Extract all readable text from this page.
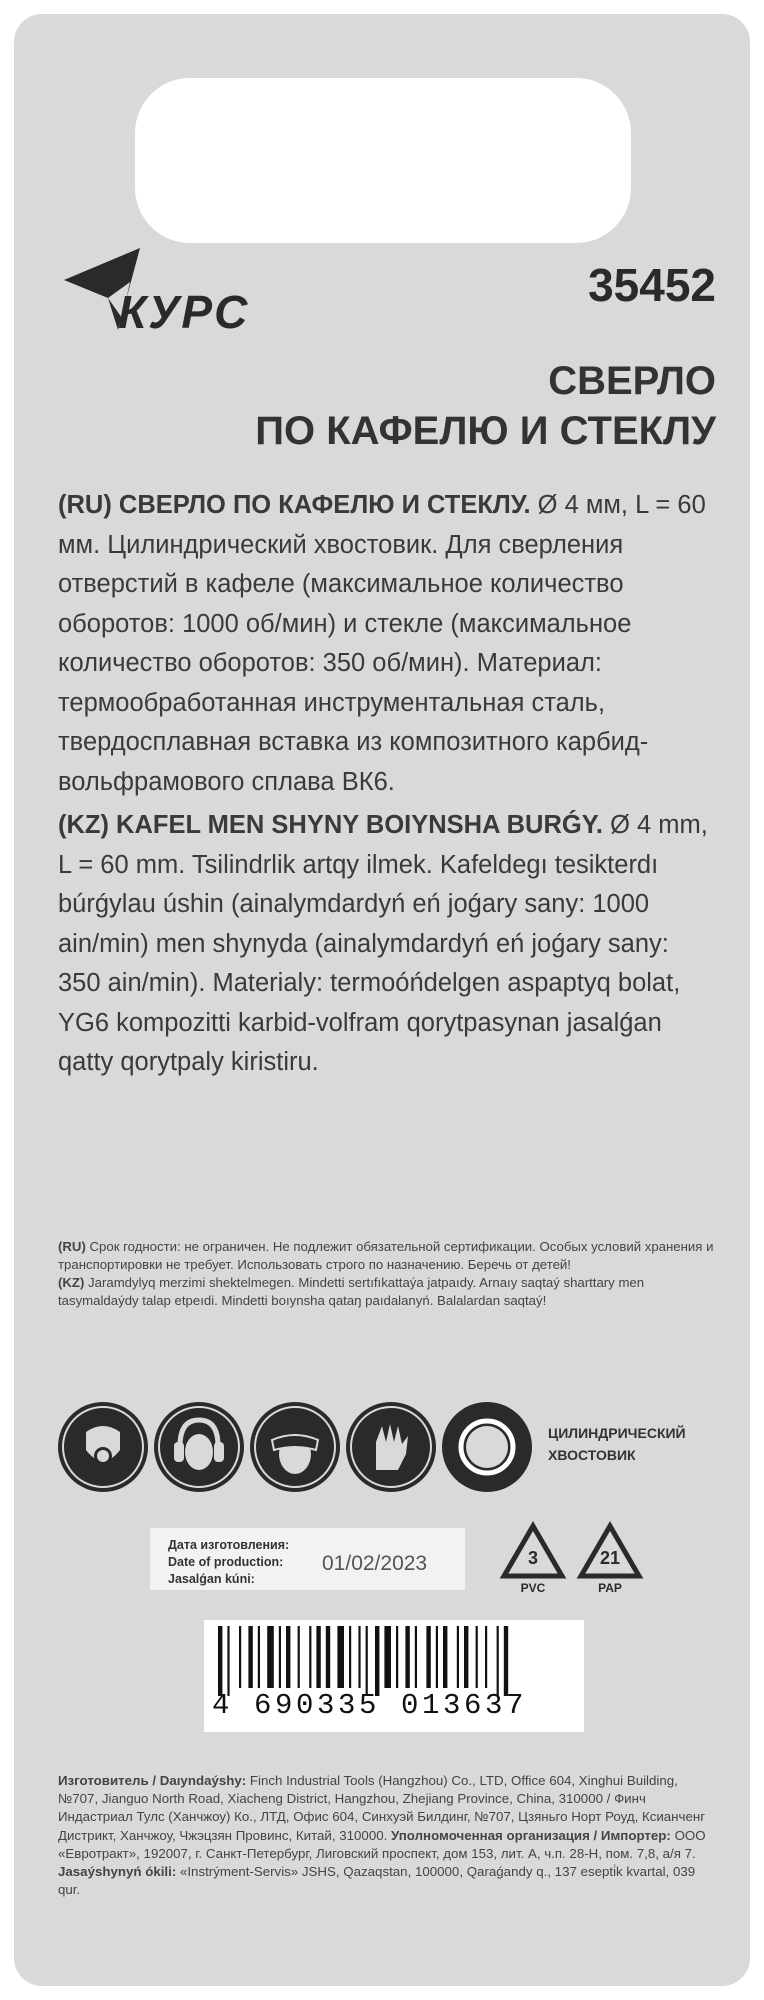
КУРС
35452
СВЕРЛО
ПО КАФЕЛЮ И СТЕКЛУ

(RU) СВЕРЛО ПО КАФЕЛЮ И СТЕКЛУ. Ø 4 мм, L = 60 мм. Цилиндрический хвостовик. Для сверления отверстий в кафеле (максимальное количество оборотов: 1000 об/мин) и стекле (максимальное количество оборотов: 350 об/мин). Материал: термообработанная инструментальная сталь, твердосплавная вставка из композитного карбид-вольфрамового сплава ВК6.

(KZ) KAFEL MEN SHYNY BOIYNSHA BURǴY. Ø 4 mm, L = 60 mm. Tsilindrlik artqy ilmek. Kafeldegı tesikterdı búrǵylau úshin (ainalymdardyń eń joǵary sany: 1000 ain/min) men shynyda (ainalymdardyń eń joǵary sany: 350 ain/min). Materialy: termoóńdelgen aspaptyq bolat, YG6 kompozitti karbid-volfram qorytpasynan jasalǵan qatty qorytpaly kiristiru.

(RU) Срок годности: не ограничен. Не подлежит обязательной сертификации. Особых условий хранения и транспортировки не требует. Использовать строго по назначению. Беречь от детей!

(KZ) Jaramdylyq merzimi shektelmegen. Mindetti sertıfıkattaýa jatpaıdy. Arnaıy saqtaý sharttary men tasymaldaýdy talap etpeıdi. Mindetti boıynsha qataŋ paıdalanyń. Balalardan saqtaý!

ЦИЛИНДРИЧЕСКИЙ
ХВОСТОВИК
Дата изготовления:
Date of production:
Jasalǵan kúni:
01/02/2023	3
PVC
21
PAP
4 690335 013637
Изготовитель / Daıyndaýshy: Finch Industrial Tools (Hangzhou) Co., LTD, Office 604, Xinghui Building, №707, Jianguo North Road, Xiacheng District, Hangzhou, Zhejiang Province, China, 310000 / Финч Индастриал Тулс (Ханчжоу) Ко., ЛТД, Офис 604, Синхуэй Билдинг, №707, Цзяньго Норт Роуд, Ксианченг Дистрикт, Ханчжоу, Чжэцзян Провинс, Китай, 310000. Уполномоченная организация / Импортер: ООО «Евротракт», 192007, г. Санкт-Петербург, Лиговский проспект, дом 153, лит. А, ч.п. 28-Н, пом. 7,8, а/я 7. Jasaýshynyń ókili: «Instrýment-Servis» JSHS, Qazaqstan, 100000, Qaraǵandy q., 137 esepti̇k kvartal, 039 qur.
